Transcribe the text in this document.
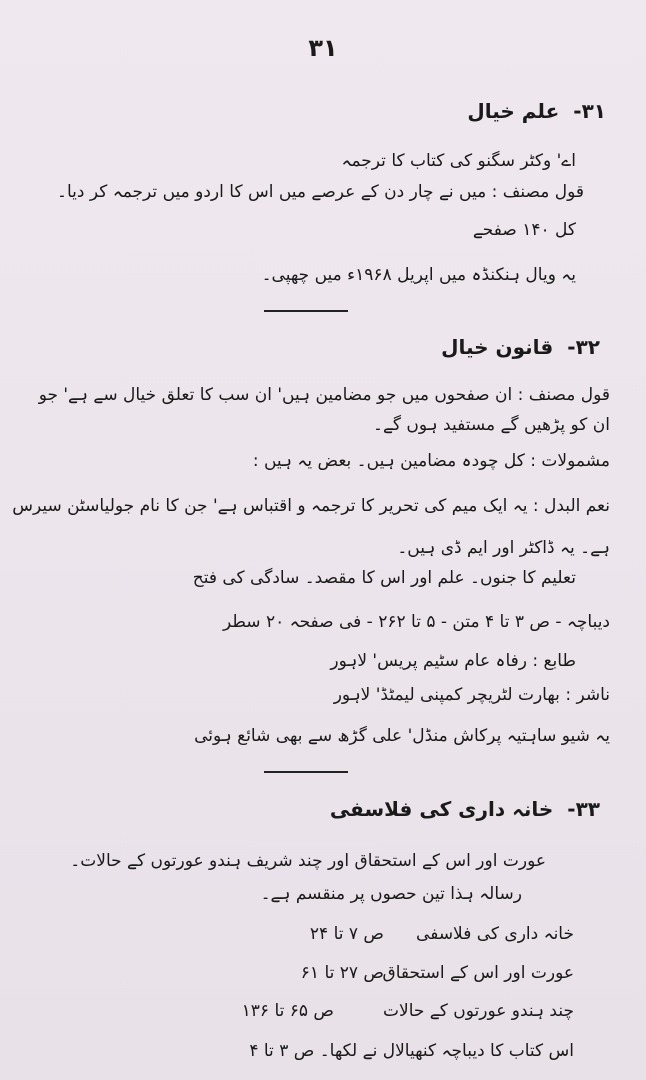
۳۱
۳۱-علم خیال
اے' وکٹر سگنو کی کتاب کا ترجمہ
قول مصنف : میں نے چار دن کے عرصے میں اس کا اردو میں ترجمہ کر دیا۔
کل ۱۴۰ صفحے
یہ ویال ہنکنڈہ میں اپریل ۱۹۶۸ء میں چھپی۔
۳۲-قانون خیال
قول مصنف : ان صفحوں میں جو مضامین ہیں' ان سب کا تعلق خیال سے ہے' جو
ان کو پڑھیں گے مستفید ہوں گے۔
مشمولات : کل چودہ مضامین ہیں۔ بعض یہ ہیں :
نعم البدل : یہ ایک میم کی تحریر کا ترجمہ و اقتباس ہے' جن کا نام جولیاسٹن سیرس
ہے۔ یہ ڈاکٹر اور ایم ڈی ہیں۔
تعلیم کا جنوں۔ علم اور اس کا مقصد۔ سادگی کی فتح
دیباچہ - ص ۳ تا ۴ متن - ۵ تا ۲۶۲ - فی صفحہ ۲۰ سطر
طابع : رفاہ عام سٹیم پریس' لاہور
ناشر : بھارت لٹریچر کمپنی لیمٹڈ' لاہور
یہ شیو ساہتیہ پرکاش منڈل' علی گڑھ سے بھی شائع ہوئی
۳۳-خانہ داری کی فلاسفی
عورت اور اس کے استحقاق اور چند شریف ہندو عورتوں کے حالات۔
رسالہ ہذا تین حصوں پر منقسم ہے۔
خانہ داری کی فلاسفیص ۷ تا ۲۴
عورت اور اس کے استحقاقص ۲۷ تا ۶۱
چند ہندو عورتوں کے حالاتص ۶۵ تا ۱۳۶
اس کتاب کا دیباچہ کنھیالال نے لکھا۔ ص ۳ تا ۴
